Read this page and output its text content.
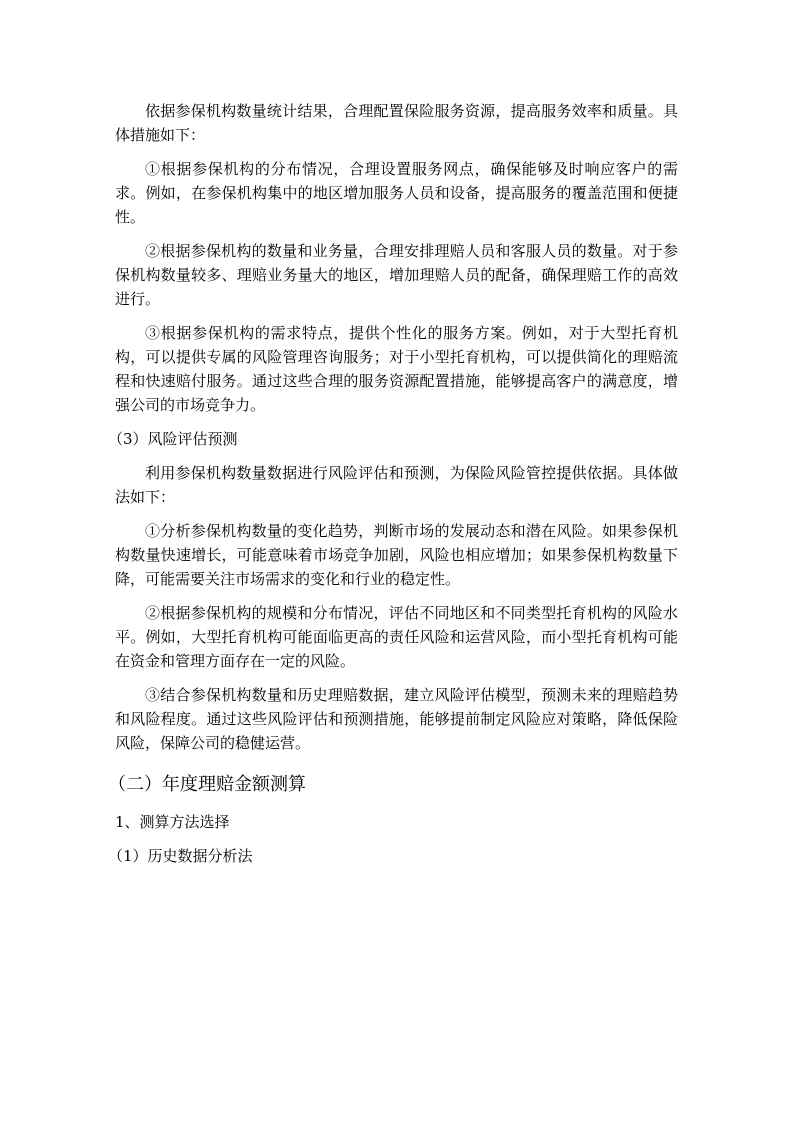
依据参保机构数量统计结果，合理配置保险服务资源，提高服务效率和质量。具体措施如下：

①根据参保机构的分布情况，合理设置服务网点，确保能够及时响应客户的需求。例如，在参保机构集中的地区增加服务人员和设备，提高服务的覆盖范围和便捷性。

②根据参保机构的数量和业务量，合理安排理赔人员和客服人员的数量。对于参保机构数量较多、理赔业务量大的地区，增加理赔人员的配备，确保理赔工作的高效进行。

③根据参保机构的需求特点，提供个性化的服务方案。例如，对于大型托育机构，可以提供专属的风险管理咨询服务；对于小型托育机构，可以提供简化的理赔流程和快速赔付服务。通过这些合理的服务资源配置措施，能够提高客户的满意度，增强公司的市场竞争力。

（3）风险评估预测

利用参保机构数量数据进行风险评估和预测，为保险风险管控提供依据。具体做法如下：

①分析参保机构数量的变化趋势，判断市场的发展动态和潜在风险。如果参保机构数量快速增长，可能意味着市场竞争加剧，风险也相应增加；如果参保机构数量下降，可能需要关注市场需求的变化和行业的稳定性。

②根据参保机构的规模和分布情况，评估不同地区和不同类型托育机构的风险水平。例如，大型托育机构可能面临更高的责任风险和运营风险，而小型托育机构可能在资金和管理方面存在一定的风险。

③结合参保机构数量和历史理赔数据，建立风险评估模型，预测未来的理赔趋势和风险程度。通过这些风险评估和预测措施，能够提前制定风险应对策略，降低保险风险，保障公司的稳健运营。

（二）年度理赔金额测算
1、测算方法选择
（1）历史数据分析法
